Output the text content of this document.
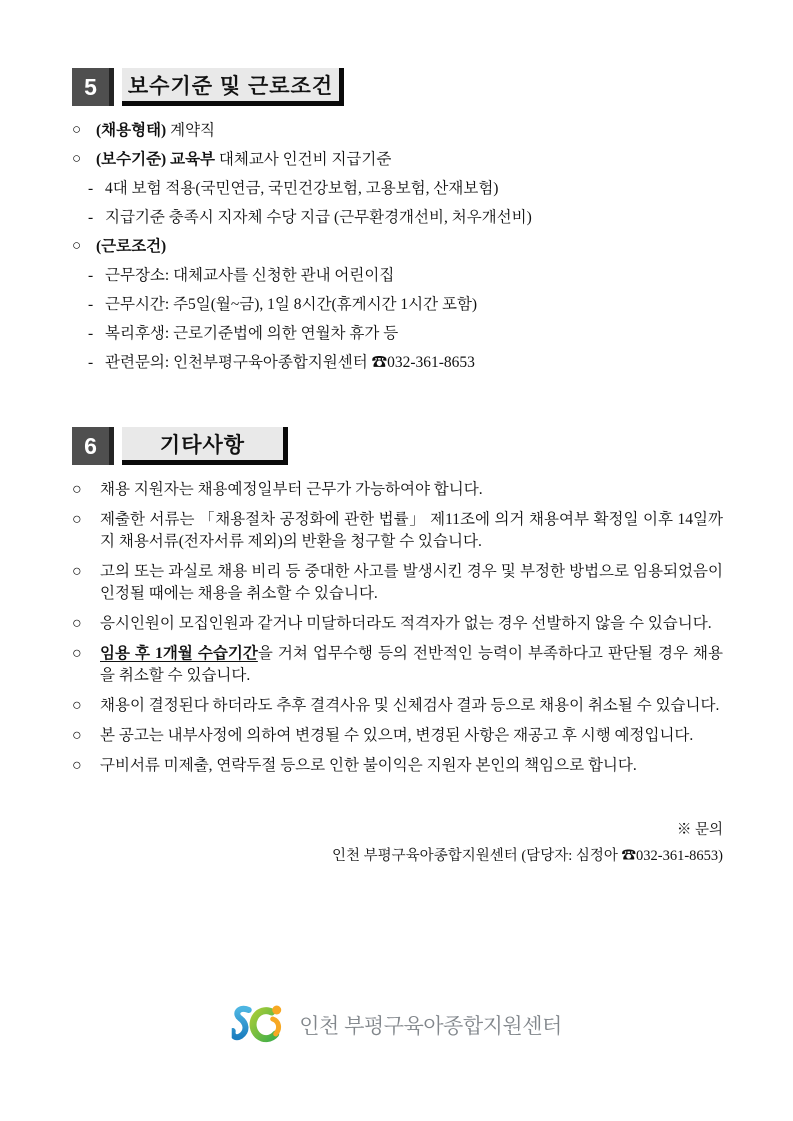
5	보수기준 및 근로조건
○ (채용형태) 계약직
○ (보수기준) 교육부 대체교사 인건비 지급기준
- 4대 보험 적용(국민연금, 국민건강보험, 고용보험, 산재보험)
- 지급기준 충족시 지자체 수당 지급 (근무환경개선비, 처우개선비)
○ (근로조건)
- 근무장소: 대체교사를 신청한 관내 어린이집
- 근무시간: 주5일(월~금), 1일 8시간(휴게시간 1시간 포함)
- 복리후생: 근로기준법에 의한 연월차 휴가 등
- 관련문의: 인천부평구육아종합지원센터 ☎032-361-8653
6	기타사항
○	채용 지원자는 채용예정일부터 근무가 가능하여야 합니다.
○	제출한 서류는 「채용절차 공정화에 관한 법률」 제11조에 의거 채용여부 확정일 이후 14일까지 채용서류(전자서류 제외)의 반환을 청구할 수 있습니다.
○	고의 또는 과실로 채용 비리 등 중대한 사고를 발생시킨 경우 및 부정한 방법으로 임용되었음이 인정될 때에는 채용을 취소할 수 있습니다.
○	응시인원이 모집인원과 같거나 미달하더라도 적격자가 없는 경우 선발하지 않을 수 있습니다.
○	임용 후 1개월 수습기간을 거쳐 업무수행 등의 전반적인 능력이 부족하다고 판단될 경우 채용을 취소할 수 있습니다.
○	채용이 결정된다 하더라도 추후 결격사유 및 신체검사 결과 등으로 채용이 취소될 수 있습니다.
○	본 공고는 내부사정에 의하여 변경될 수 있으며, 변경된 사항은 재공고 후 시행 예정입니다.
○	구비서류 미제출, 연락두절 등으로 인한 불이익은 지원자 본인의 책임으로 합니다.
※ 문의
인천 부평구육아종합지원센터 (담당자: 심정아 ☎032-361-8653)
인천 부평구육아종합지원센터
